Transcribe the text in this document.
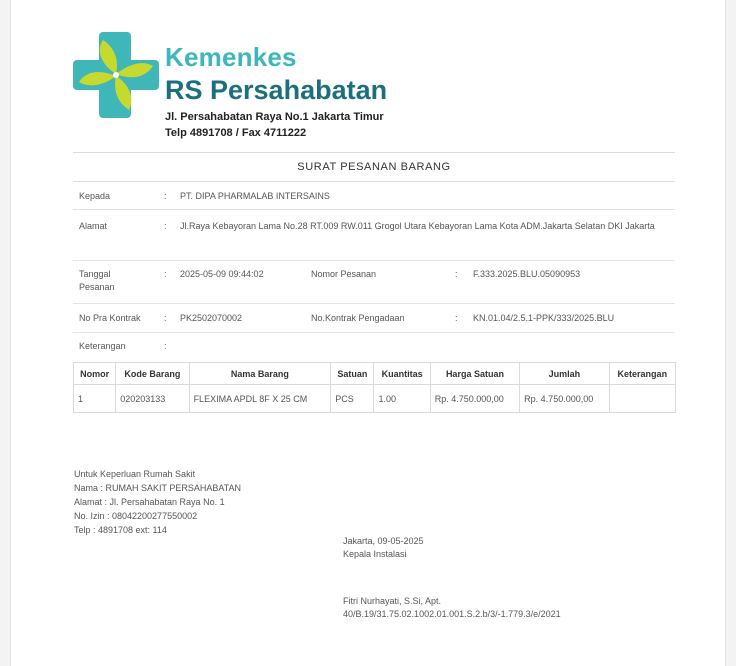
Kemenkes
RS Persahabatan
Jl. Persahabatan Raya No.1 Jakarta Timur
Telp 4891708 / Fax 4711222
SURAT PESANAN BARANG
Kepada	: PT. DIPA PHARMALAB INTERSAINS
Alamat	: Jl.Raya Kebayoran Lama No.28 RT.009 RW.011 Grogol Utara Kebayoran Lama Kota ADM.Jakarta Selatan DKI Jakarta
Tanggal Pesanan
: 2025-05-09 09:44:02	Nomor Pesanan	: F.333.2025.BLU.05090953
No Pra Kontrak	: PK2502070002	No.Kontrak Pengadaan	: KN.01.04/2.5.1-PPK/333/2025.BLU
Keterangan	:
Nomor	Kode Barang	Nama Barang	Satuan	Kuantitas	Harga Satuan	Jumlah	Keterangan
1	020203133	FLEXIMA APDL 8F X 25 CM	PCS	1.00	Rp. 4.750.000,00	Rp. 4.750.000,00	
Untuk Keperluan Rumah Sakit
Nama : RUMAH SAKIT PERSAHABATAN
Alamat : Jl. Persahabatan Raya No. 1
No. Izin : 08042200277550002
Telp : 4891708 ext: 114
Jakarta, 09-05-2025
Kepala Instalasi
Fitri Nurhayati, S.Si, Apt.
40/B.19/31.75.02.1002.01.001.S.2.b/3/-1.779.3/e/2021
